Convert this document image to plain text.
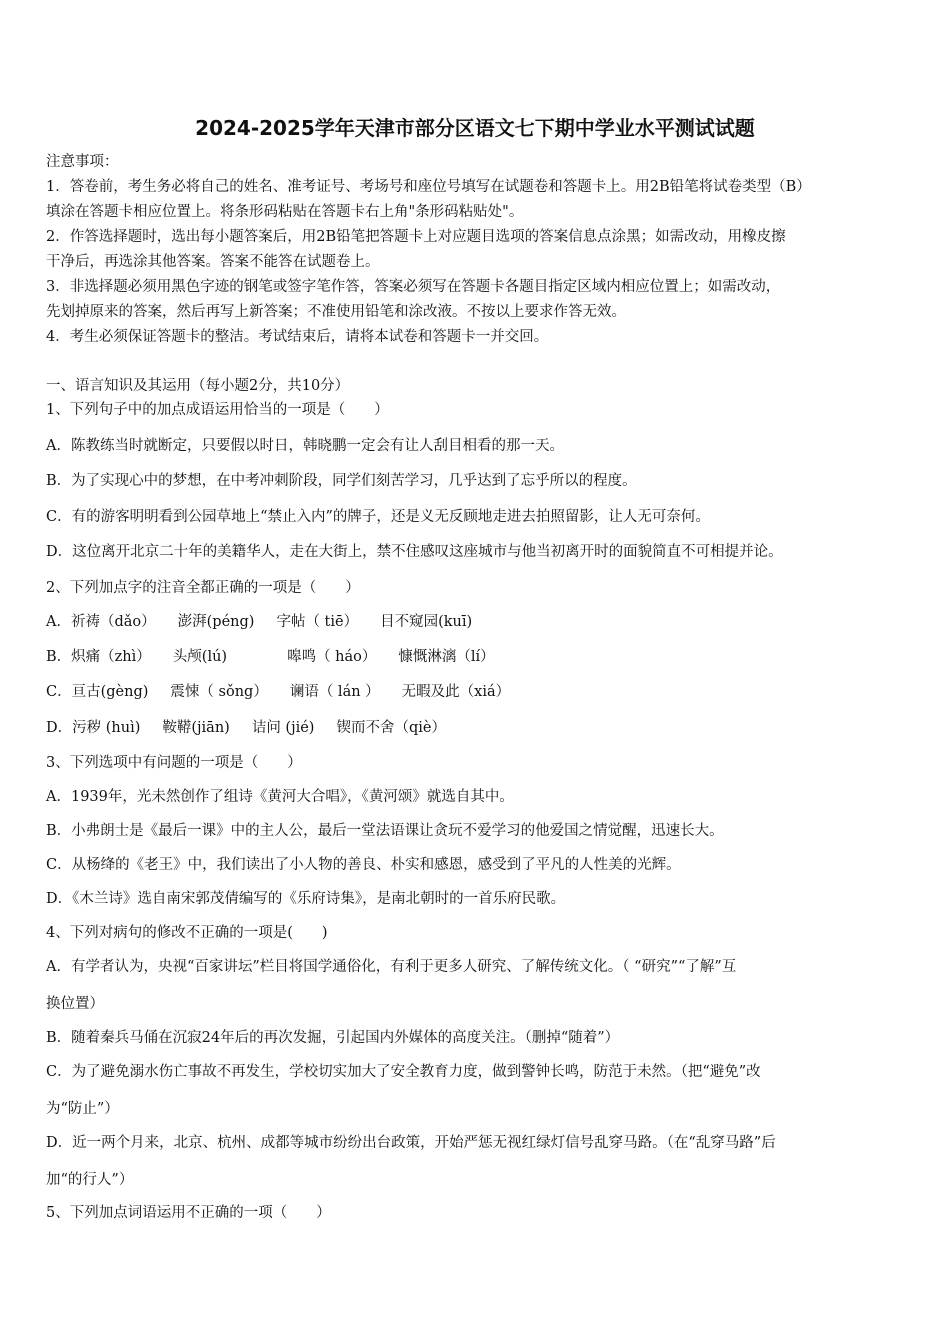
2024-2025学年天津市部分区语文七下期中学业水平测试试题
注意事项：
1．答卷前，考生务必将自己的姓名、准考证号、考场号和座位号填写在试题卷和答题卡上。用2B铅笔将试卷类型（B）
填涂在答题卡相应位置上。将条形码粘贴在答题卡右上角"条形码粘贴处"。
2．作答选择题时，选出每小题答案后，用2B铅笔把答题卡上对应题目选项的答案信息点涂黑；如需改动，用橡皮擦
干净后，再选涂其他答案。答案不能答在试题卷上。
3．非选择题必须用黑色字迹的钢笔或签字笔作答，答案必须写在答题卡各题目指定区域内相应位置上；如需改动，
先划掉原来的答案，然后再写上新答案；不准使用铅笔和涂改液。不按以上要求作答无效。
4．考生必须保证答题卡的整洁。考试结束后，请将本试卷和答题卡一并交回。
一、语言知识及其运用（每小题2分，共10分）
1、下列句子中的加点成语运用恰当的一项是（　　）
A．陈教练当时就断定，只要假以时日，韩晓鹏一定会有让人刮目相看的那一天。
B．为了实现心中的梦想，在中考冲刺阶段，同学们刻苦学习，几乎达到了忘乎所以的程度。
C．有的游客明明看到公园草地上“禁止入内”的牌子，还是义无反顾地走进去拍照留影，让人无可奈何。
D．这位离开北京二十年的美籍华人，走在大街上，禁不住感叹这座城市与他当初离开时的面貌简直不可相提并论。
2、下列加点字的注音全都正确的一项是（　　）
A．祈祷（dǎo） 澎湃(péng) 字帖（ tiē） 目不窥园(kuī)
B．炽痛（zhì） 头颅(lú)	嗥鸣（ háo） 慷慨淋漓（lí）
C．亘古(gèng) 震悚（ sǒng） 谰语（ lán ） 无暇及此（xiá）
D．污秽 (huì) 鞍鞯(jiān) 诘问 (jié) 锲而不舍（qiè）
3、下列选项中有问题的一项是（　　）
A．1939年，光未然创作了组诗《黄河大合唱》，《黄河颂》就选自其中。
B．小弗朗士是《最后一课》中的主人公，最后一堂法语课让贪玩不爱学习的他爱国之情觉醒，迅速长大。
C．从杨绛的《老王》中，我们读出了小人物的善良、朴实和感恩，感受到了平凡的人性美的光辉。
D．《木兰诗》选自南宋郭茂倩编写的《乐府诗集》，是南北朝时的一首乐府民歌。
4、下列对病句的修改不正确的一项是(　　)
A．有学者认为，央视“百家讲坛”栏目将国学通俗化，有利于更多人研究、了解传统文化。（ “研究”“了解”互
换位置）
B．随着秦兵马俑在沉寂24年后的再次发掘，引起国内外媒体的高度关注。（删掉“随着”）
C．为了避免溺水伤亡事故不再发生，学校切实加大了安全教育力度，做到警钟长鸣，防范于未然。（把“避免”改
为“防止”）
D．近一两个月来，北京、杭州、成都等城市纷纷出台政策，开始严惩无视红绿灯信号乱穿马路。（在“乱穿马路”后
加“的行人”）
5、下列加点词语运用不正确的一项（　　）
